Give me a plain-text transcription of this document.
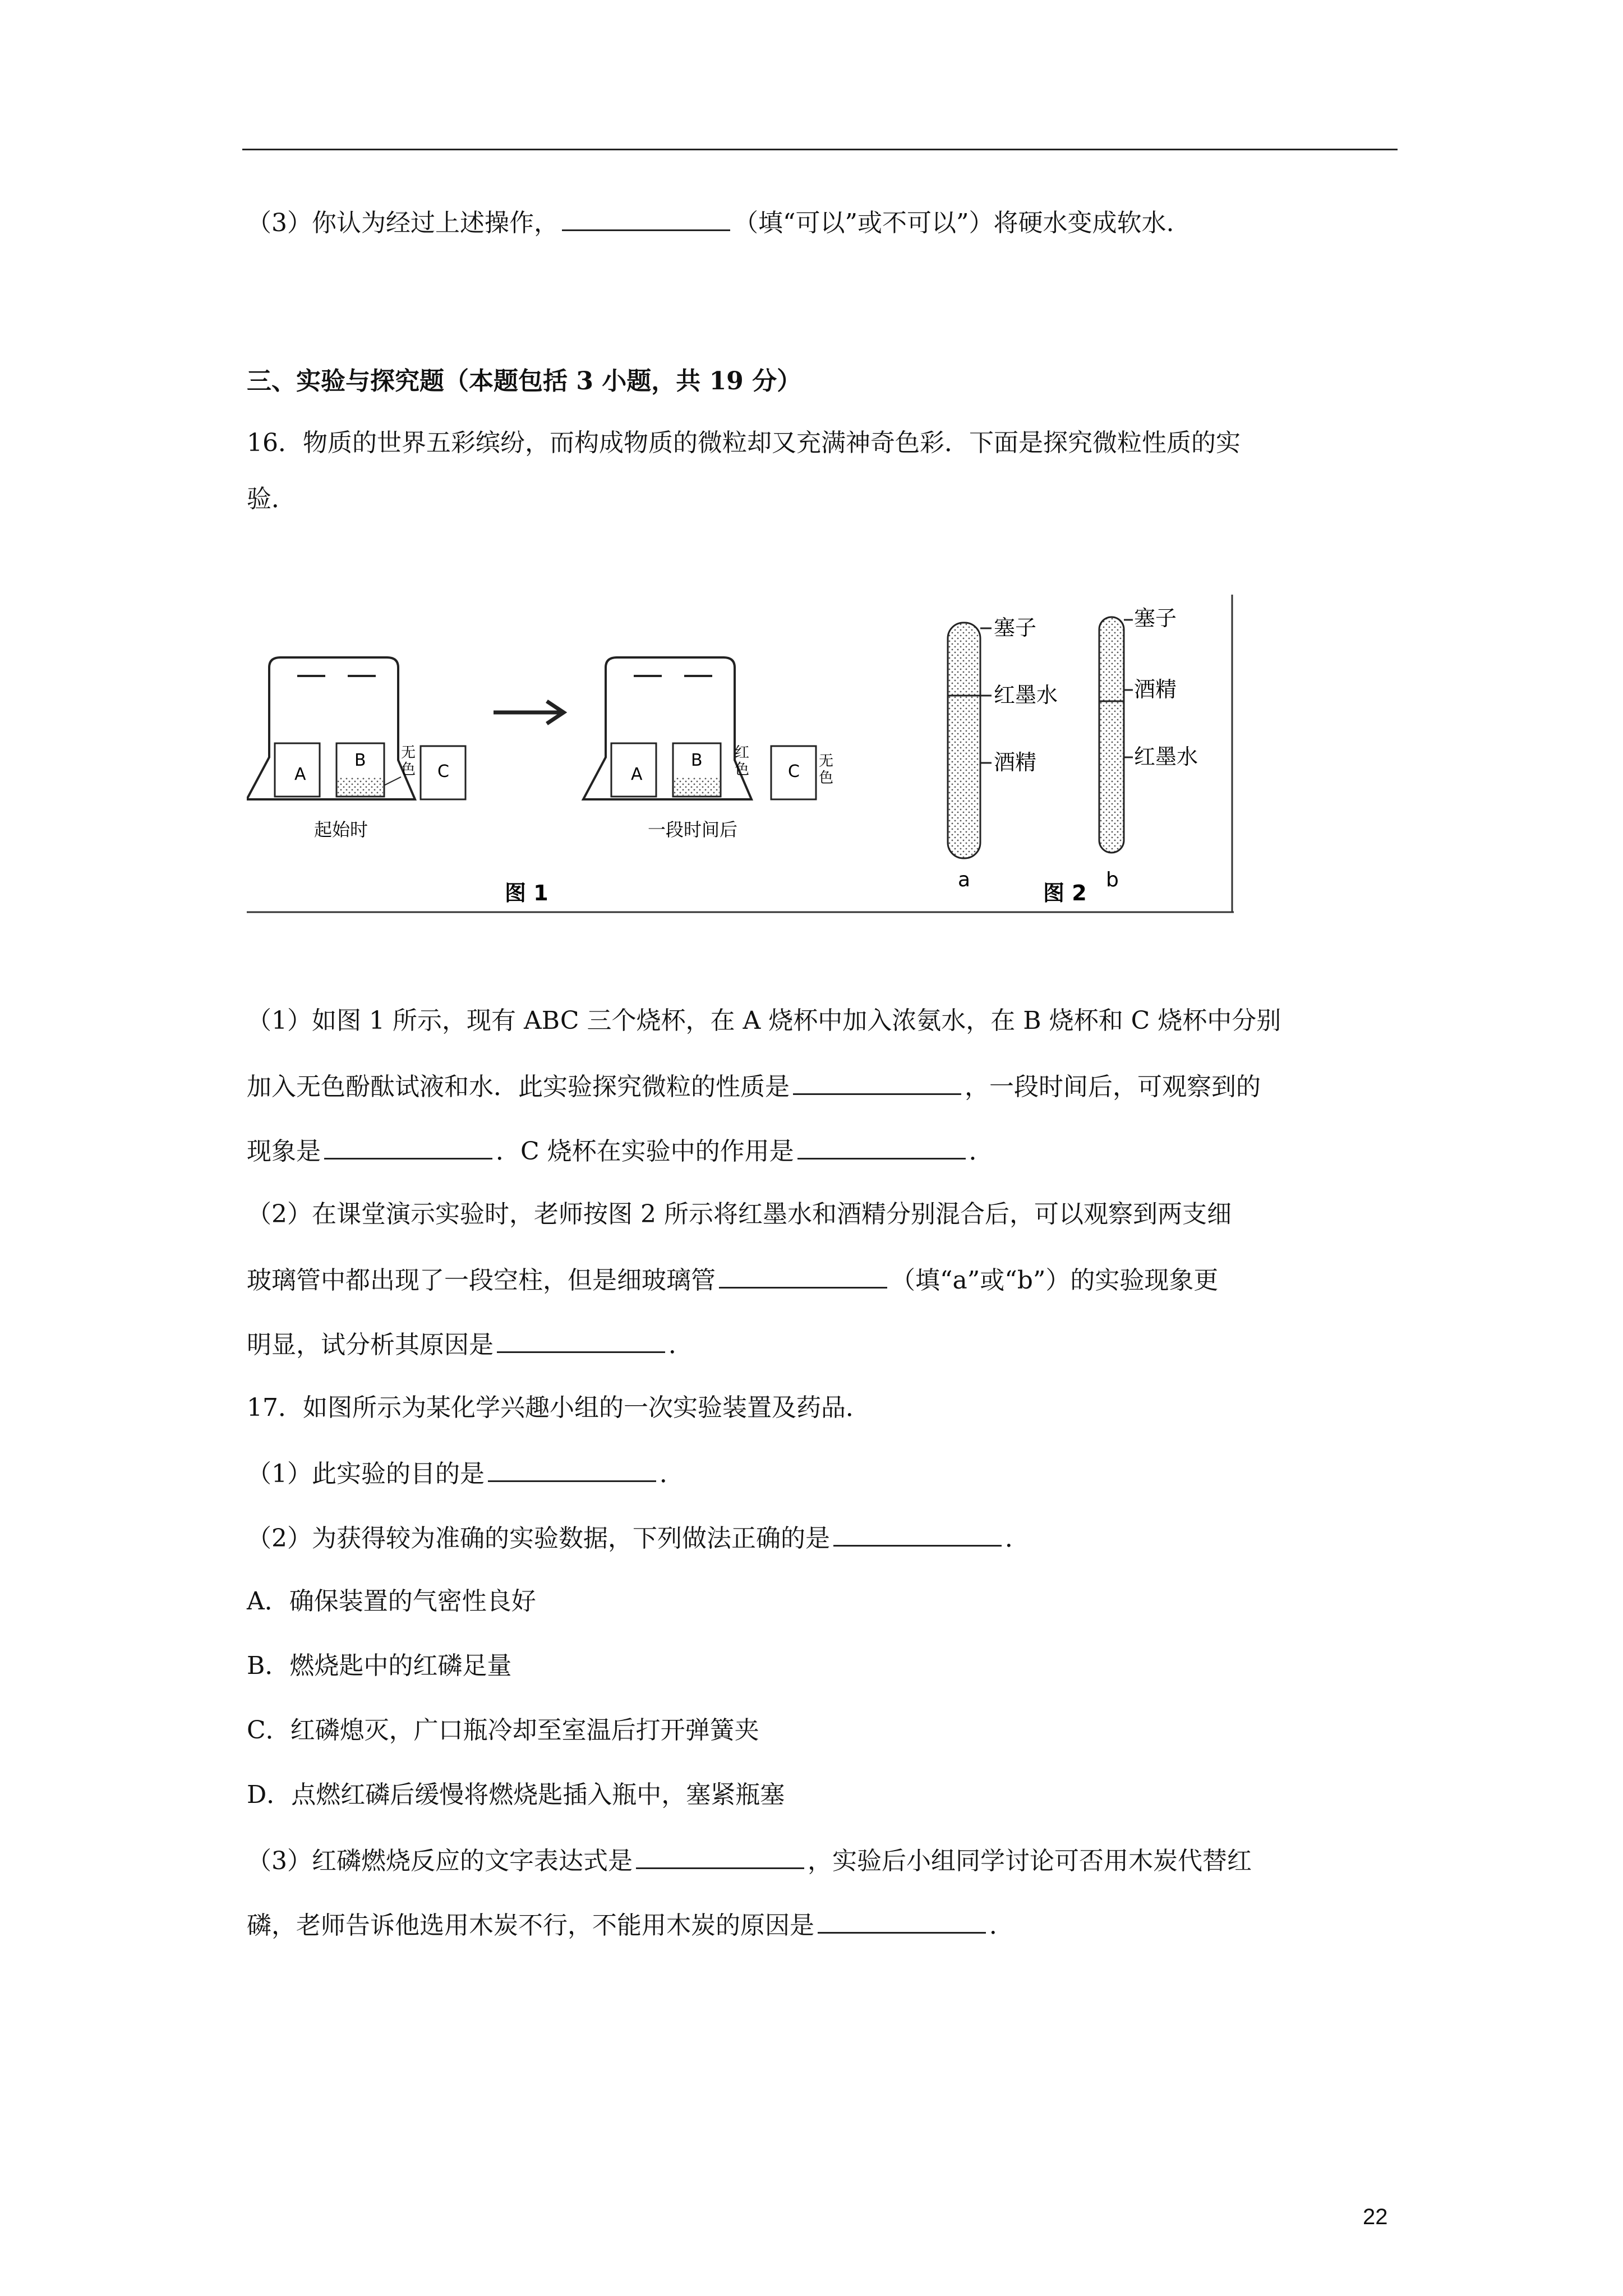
（3）你认为经过上述操作，	（填“可以”或不可以”）将硬水变成软水.
三、实验与探究题（本题包括 3 小题，共 19 分）
16．物质的世界五彩缤纷，而构成物质的微粒却又充满神奇色彩．下面是探究微粒性质的实
验．
A
B
C
无
色
起始时
A
B 红
色 C
无
色
一段时间后
图 1
塞子
红墨水
酒精
a
塞子
酒精
红墨水
b
图 2
（1）如图 1 所示，现有 ABC 三个烧杯，在 A 烧杯中加入浓氨水，在 B 烧杯和 C 烧杯中分别
加入无色酚酞试液和水．此实验探究微粒的性质是	，一段时间后，可观察到的
现象是	．C 烧杯在实验中的作用是	．
（2）在课堂演示实验时，老师按图 2 所示将红墨水和酒精分别混合后，可以观察到两支细
玻璃管中都出现了一段空柱，但是细玻璃管	（填“a”或“b”）的实验现象更
明显，试分析其原因是	．
17．如图所示为某化学兴趣小组的一次实验装置及药品．
（1）此实验的目的是	．
（2）为获得较为准确的实验数据，下列做法正确的是	．
A．确保装置的气密性良好
B．燃烧匙中的红磷足量
C．红磷熄灭，广口瓶冷却至室温后打开弹簧夹
D．点燃红磷后缓慢将燃烧匙插入瓶中，塞紧瓶塞
（3）红磷燃烧反应的文字表达式是	，实验后小组同学讨论可否用木炭代替红
磷，老师告诉他选用木炭不行，不能用木炭的原因是	．
22
